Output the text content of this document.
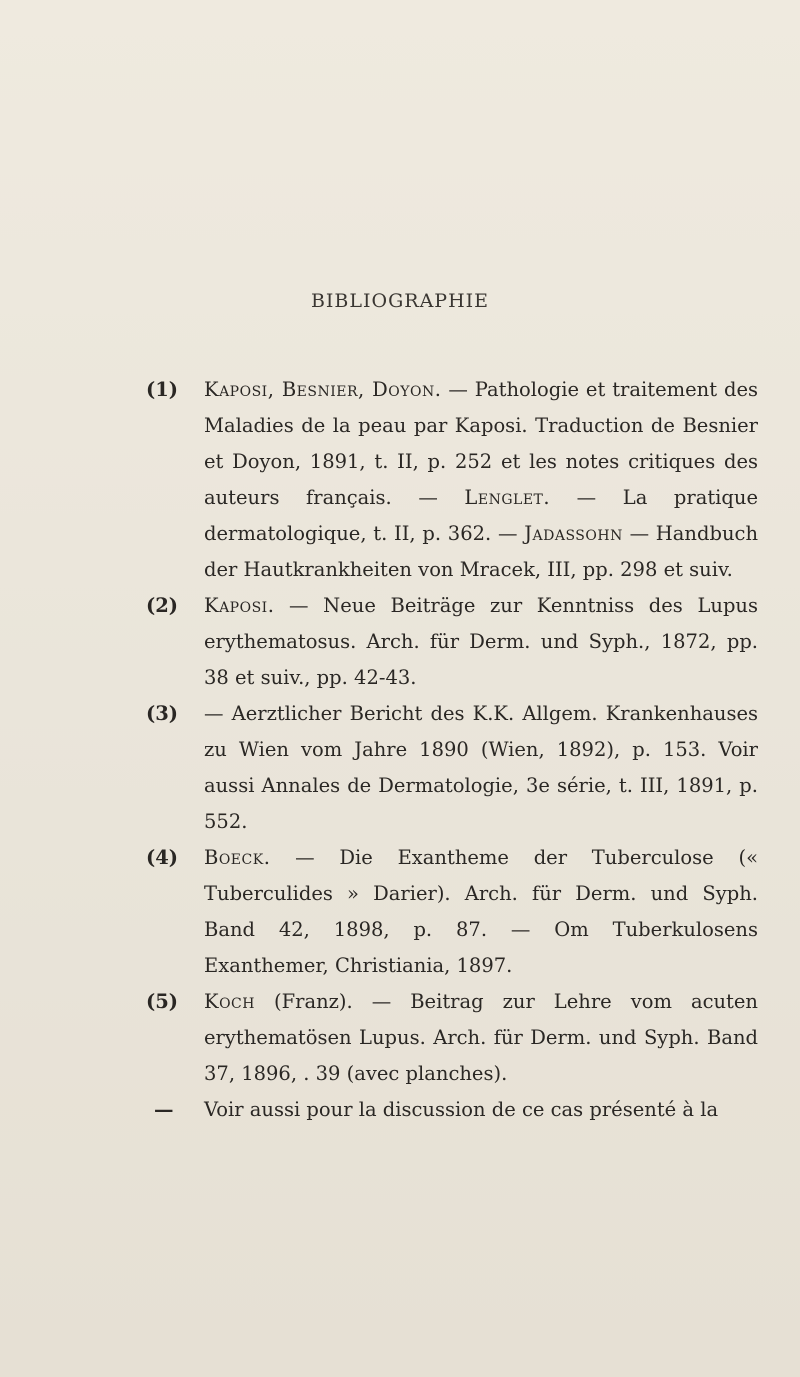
BIBLIOGRAPHIE
(1)	Kaposi, Besnier, Doyon. — Pathologie et traitement des Maladies de la peau par Kaposi. Traduction de Besnier et Doyon, 1891, t. II, p. 252 et les notes critiques des auteurs français. — Lenglet. — La pratique dermatologique, t. II, p. 362. — Jadassohn — Handbuch der Hautkrankheiten von Mracek, III, pp. 298 et suiv.
(2)	Kaposi. — Neue Beiträge zur Kenntniss des Lupus erythematosus. Arch. für Derm. und Syph., 1872, pp. 38 et suiv., pp. 42-43.
(3)	— Aerztlicher Bericht des K.K. Allgem. Krankenhauses zu Wien vom Jahre 1890 (Wien, 1892), p. 153. Voir aussi Annales de Dermatologie, 3e série, t. III, 1891, p. 552.
(4)	Boeck. — Die Exantheme der Tuberculose (« Tuberculides » Darier). Arch. für Derm. und Syph. Band 42, 1898, p. 87. — Om Tuberkulosens Exanthemer, Christiania, 1897.
(5)	Koch (Franz). — Beitrag zur Lehre vom acuten erythematösen Lupus. Arch. für Derm. und Syph. Band 37, 1896, . 39 (avec planches).
—	Voir aussi pour la discussion de ce cas présenté à la
